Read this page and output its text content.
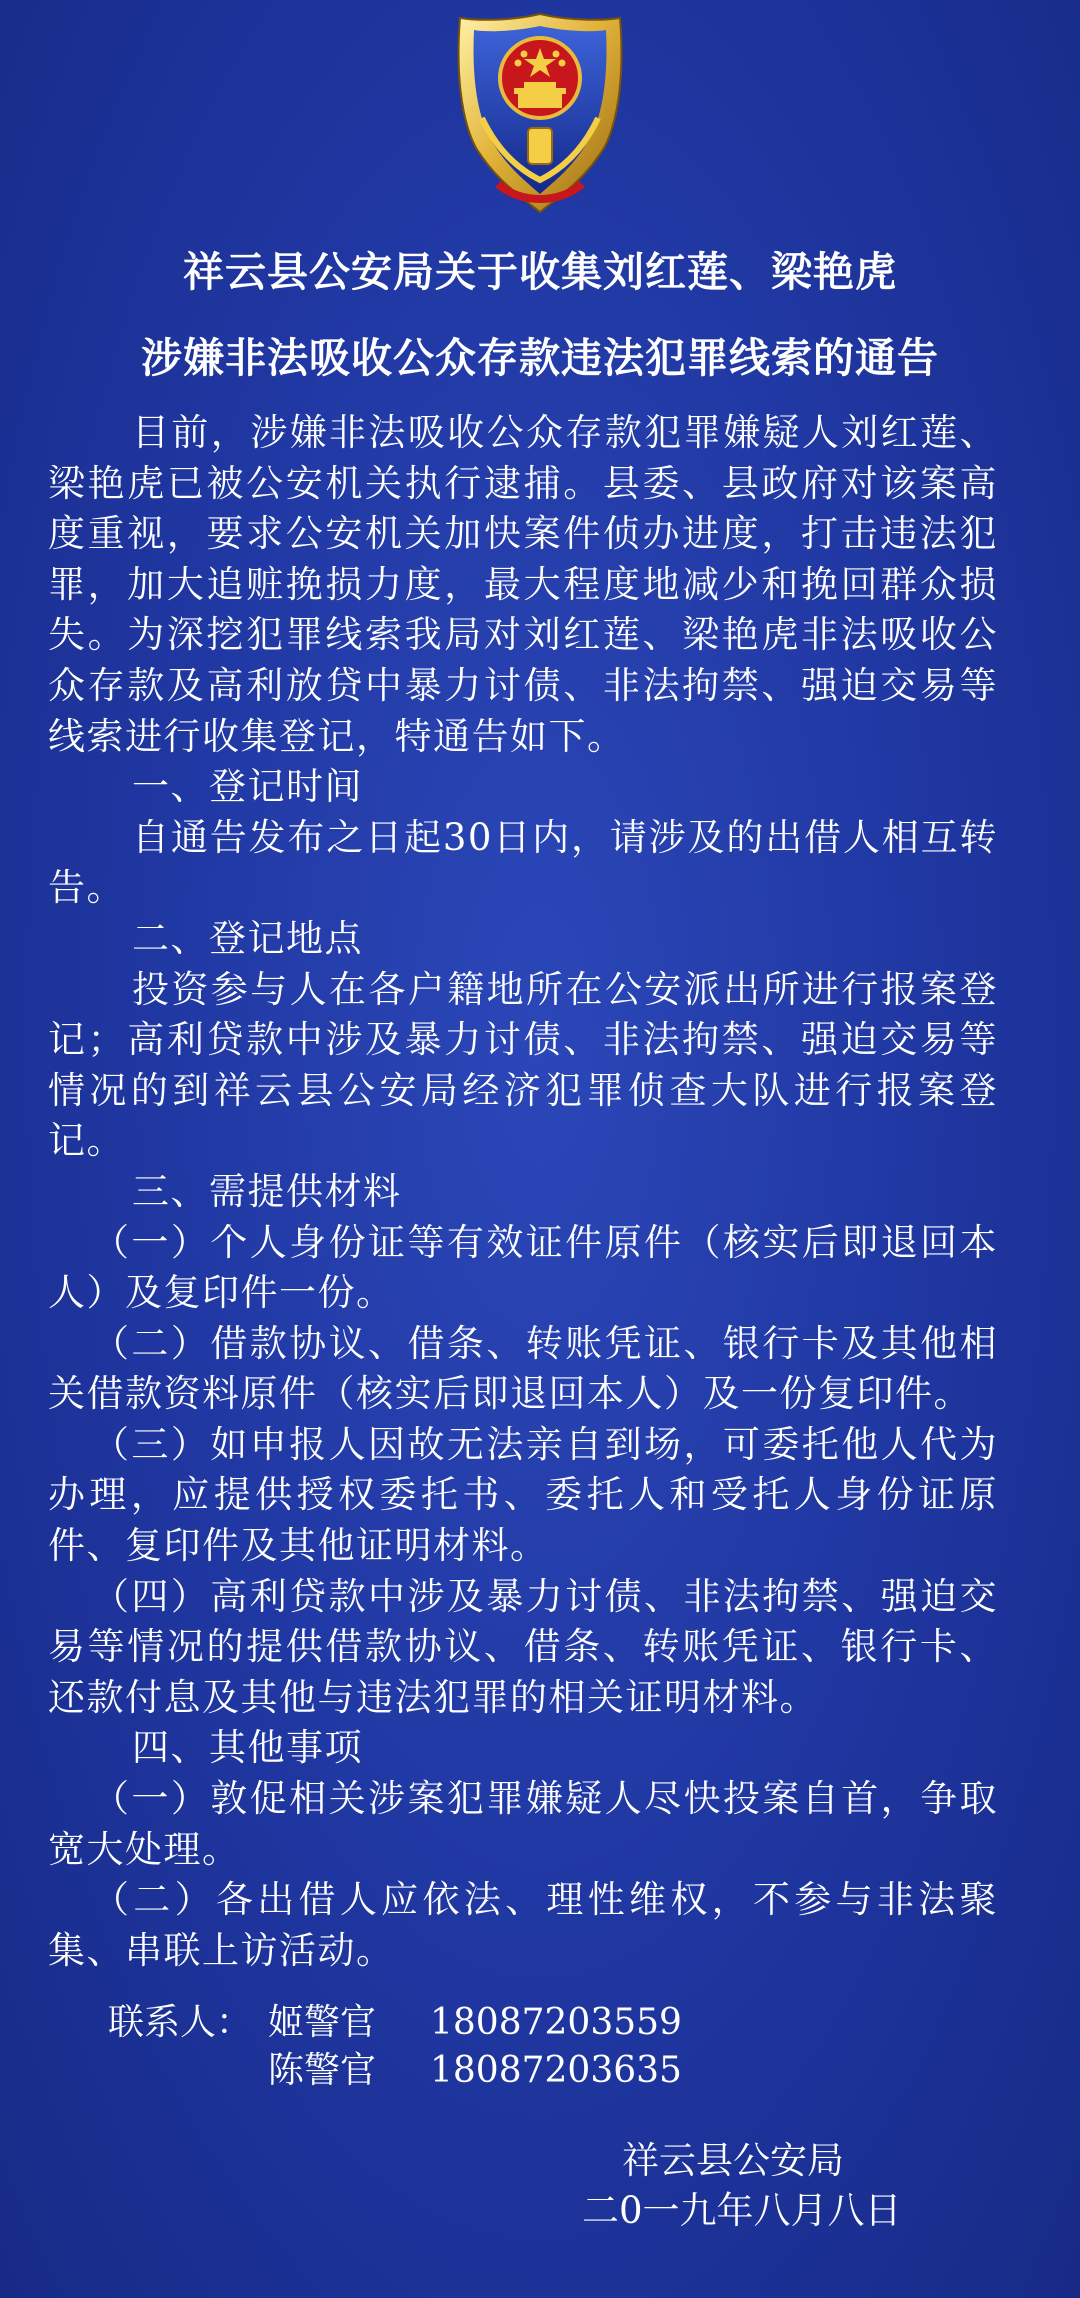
祥云县公安局关于收集刘红莲、梁艳虎
涉嫌非法吸收公众存款违法犯罪线索的通告

目前，涉嫌非法吸收公众存款犯罪嫌疑人刘红莲、梁艳虎已被公安机关执行逮捕。县委、县政府对该案高度重视，要求公安机关加快案件侦办进度，打击违法犯罪，加大追赃挽损力度，最大程度地减少和挽回群众损失。为深挖犯罪线索我局对刘红莲、梁艳虎非法吸收公众存款及高利放贷中暴力讨债、非法拘禁、强迫交易等线索进行收集登记，特通告如下。

一、登记时间

自通告发布之日起30日内，请涉及的出借人相互转告。

二、登记地点

投资参与人在各户籍地所在公安派出所进行报案登记；高利贷款中涉及暴力讨债、非法拘禁、强迫交易等情况的到祥云县公安局经济犯罪侦查大队进行报案登记。

三、需提供材料

（一）个人身份证等有效证件原件（核实后即退回本人）及复印件一份。

（二）借款协议、借条、转账凭证、银行卡及其他相关借款资料原件（核实后即退回本人）及一份复印件。

（三）如申报人因故无法亲自到场，可委托他人代为办理，应提供授权委托书、委托人和受托人身份证原件、复印件及其他证明材料。

（四）高利贷款中涉及暴力讨债、非法拘禁、强迫交易等情况的提供借款协议、借条、转账凭证、银行卡、还款付息及其他与违法犯罪的相关证明材料。

四、其他事项

（一）敦促相关涉案犯罪嫌疑人尽快投案自首，争取宽大处理。

（二）各出借人应依法、理性维权，不参与非法聚集、串联上访活动。

联系人： 姬警官 18087203559
陈警官 18087203635
祥云县公安局
二0一九年八月八日
